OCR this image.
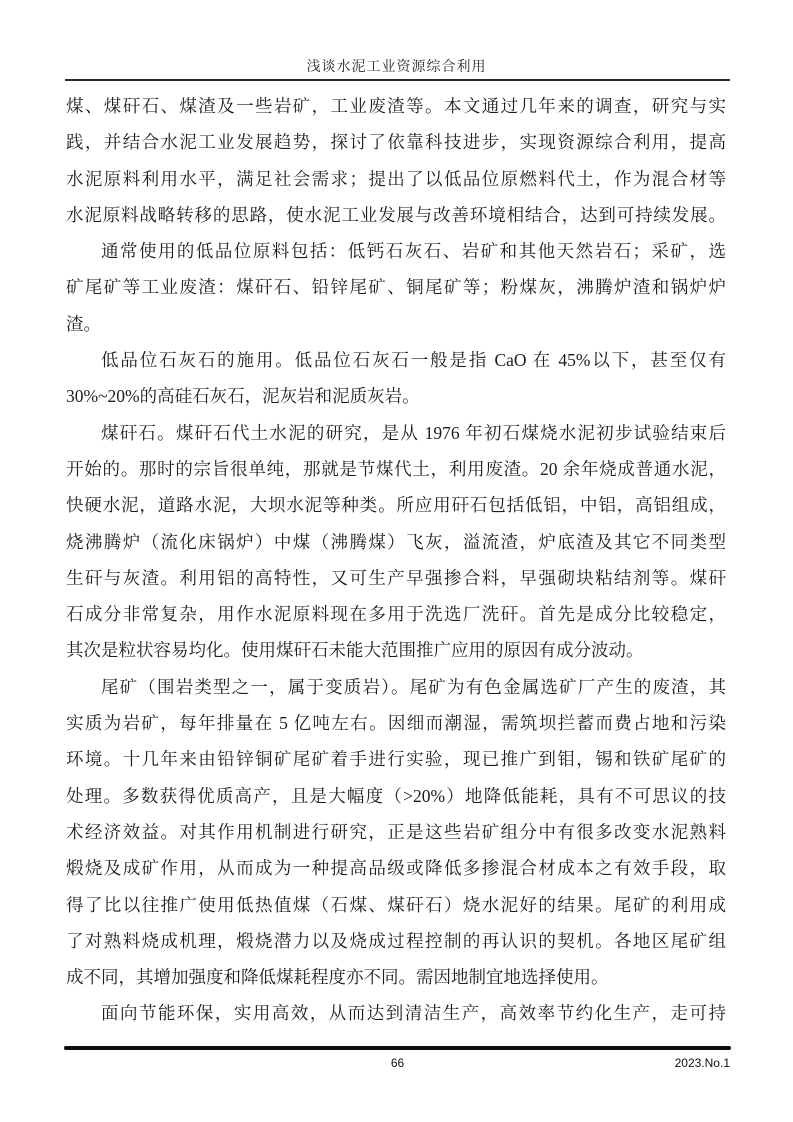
浅谈水泥工业资源综合利用
煤、煤矸石、煤渣及一些岩矿，工业废渣等。本文通过几年来的调查，研究与实
践，并结合水泥工业发展趋势，探讨了依靠科技进步，实现资源综合利用，提高
水泥原料利用水平，满足社会需求；提出了以低品位原燃料代土，作为混合材等
水泥原料战略转移的思路，使水泥工业发展与改善环境相结合，达到可持续发展。
通常使用的低品位原料包括：低钙石灰石、岩矿和其他天然岩石；采矿，选
矿尾矿等工业废渣：煤矸石、铅锌尾矿、铜尾矿等；粉煤灰，沸腾炉渣和锅炉炉
渣。
低品位石灰石的施用。低品位石灰石一般是指 CaO 在 45%以下，甚至仅有
30%~20%的高硅石灰石，泥灰岩和泥质灰岩。
煤矸石。煤矸石代土水泥的研究，是从 1976 年初石煤烧水泥初步试验结束后
开始的。那时的宗旨很单纯，那就是节煤代土，利用废渣。20 余年烧成普通水泥，
快硬水泥，道路水泥，大坝水泥等种类。所应用矸石包括低铝，中铝，高铝组成，
烧沸腾炉（流化床锅炉）中煤（沸腾煤）飞灰，溢流渣，炉底渣及其它不同类型
生矸与灰渣。利用铝的高特性，又可生产早强掺合料，早强砌块粘结剂等。煤矸
石成分非常复杂，用作水泥原料现在多用于洗选厂洗矸。首先是成分比较稳定，
其次是粒状容易均化。使用煤矸石未能大范围推广应用的原因有成分波动。
尾矿（围岩类型之一，属于变质岩）。尾矿为有色金属选矿厂产生的废渣，其
实质为岩矿，每年排量在 5 亿吨左右。因细而潮湿，需筑坝拦蓄而费占地和污染
环境。十几年来由铅锌铜矿尾矿着手进行实验，现已推广到钼，锡和铁矿尾矿的
处理。多数获得优质高产，且是大幅度（>20%）地降低能耗，具有不可思议的技
术经济效益。对其作用机制进行研究，正是这些岩矿组分中有很多改变水泥熟料
煅烧及成矿作用，从而成为一种提高品级或降低多掺混合材成本之有效手段，取
得了比以往推广使用低热值煤（石煤、煤矸石）烧水泥好的结果。尾矿的利用成
了对熟料烧成机理，煅烧潜力以及烧成过程控制的再认识的契机。各地区尾矿组
成不同，其增加强度和降低煤耗程度亦不同。需因地制宜地选择使用。
面向节能环保，实用高效，从而达到清洁生产，高效率节约化生产，走可持
66	2023.No.1
